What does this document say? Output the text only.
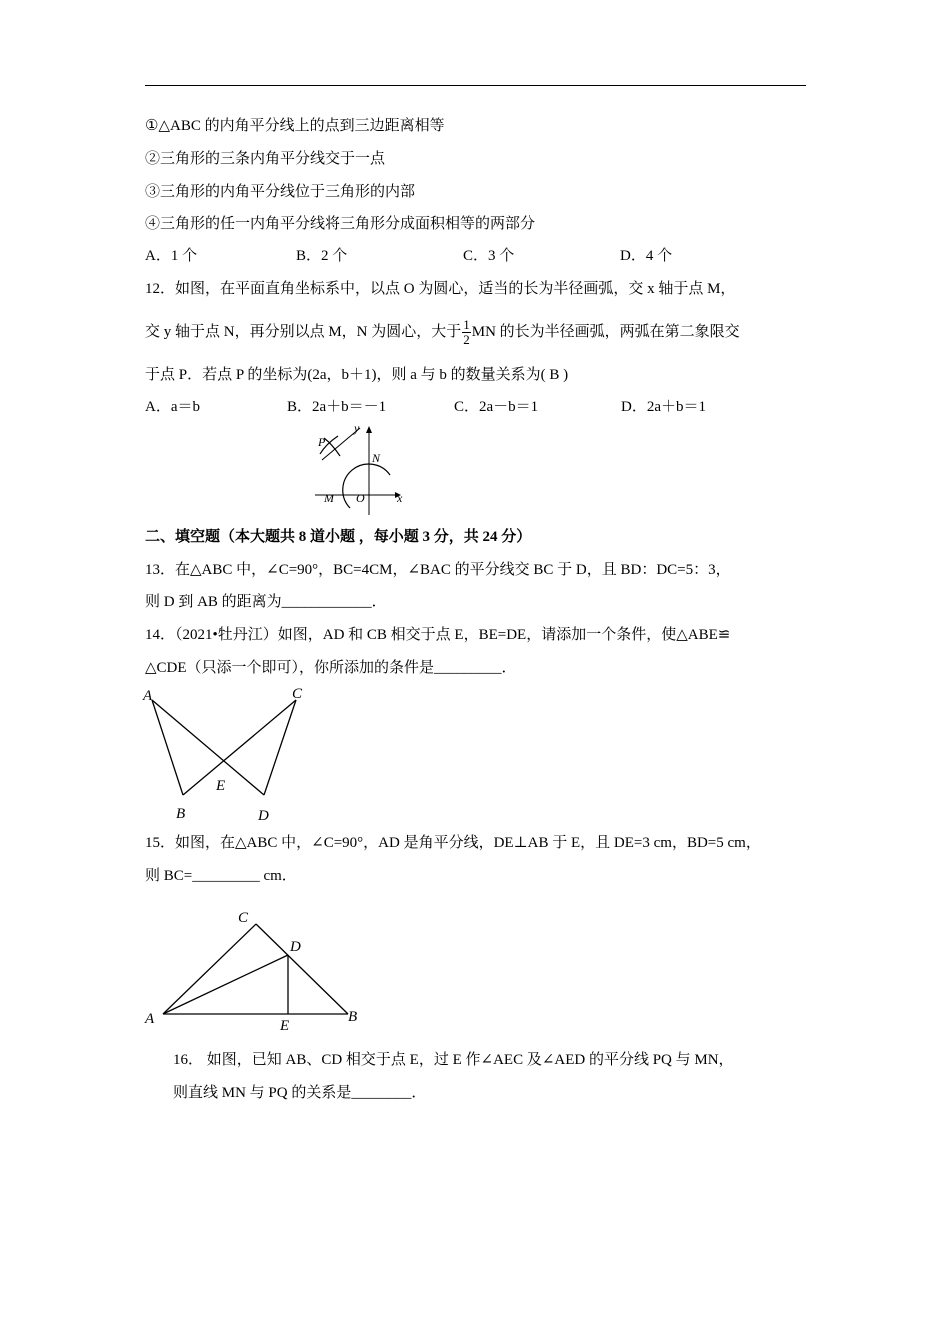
①△ABC 的内角平分线上的点到三边距离相等
②三角形的三条内角平分线交于一点
③三角形的内角平分线位于三角形的内部
④三角形的任一内角平分线将三角形分成面积相等的两部分
A．1 个	B．2 个	C．3 个	D．4 个
12．如图，在平面直角坐标系中，以点 O 为圆心，适当的长为半径画弧，交 x 轴于点 M，
交 y 轴于点 N，再分别以点 M，N 为圆心，大于 $\frac{1}{2}$ MN 的长为半径画弧，两弧在第二象限交
于点 P．若点 P 的坐标为(2a，b＋1)，则 a 与 b 的数量关系为( B )
A．a＝b	B．2a＋b＝－1	C．2a－b＝1	D．2a＋b＝1
P
y
N
M O	x
二、填空题（本大题共 8 道小题 ，每小题 3 分，共 24 分）
13．在△ABC 中，∠C=90°，BC=4CM，∠BAC 的平分线交 BC 于 D，且 BD：DC=5：3，
则 D 到 AB 的距离为____________．
14．（2021•牡丹江）如图，AD 和 CB 相交于点 E，BE=DE，请添加一个条件，使△ABE≌
△CDE（只添一个即可），你所添加的条件是_________．
A	C
E
B	D
15．如图，在△ABC 中，∠C=90°，AD 是角平分线，DE⊥AB 于 E，且 DE=3 cm，BD=5 cm，
则 BC=_________ cm．
C
D
A	E
B
16． 如图，已知 AB、CD 相交于点 E，过 E 作∠AEC 及∠AED 的平分线 PQ 与 MN，
则直线 MN 与 PQ 的关系是________．
